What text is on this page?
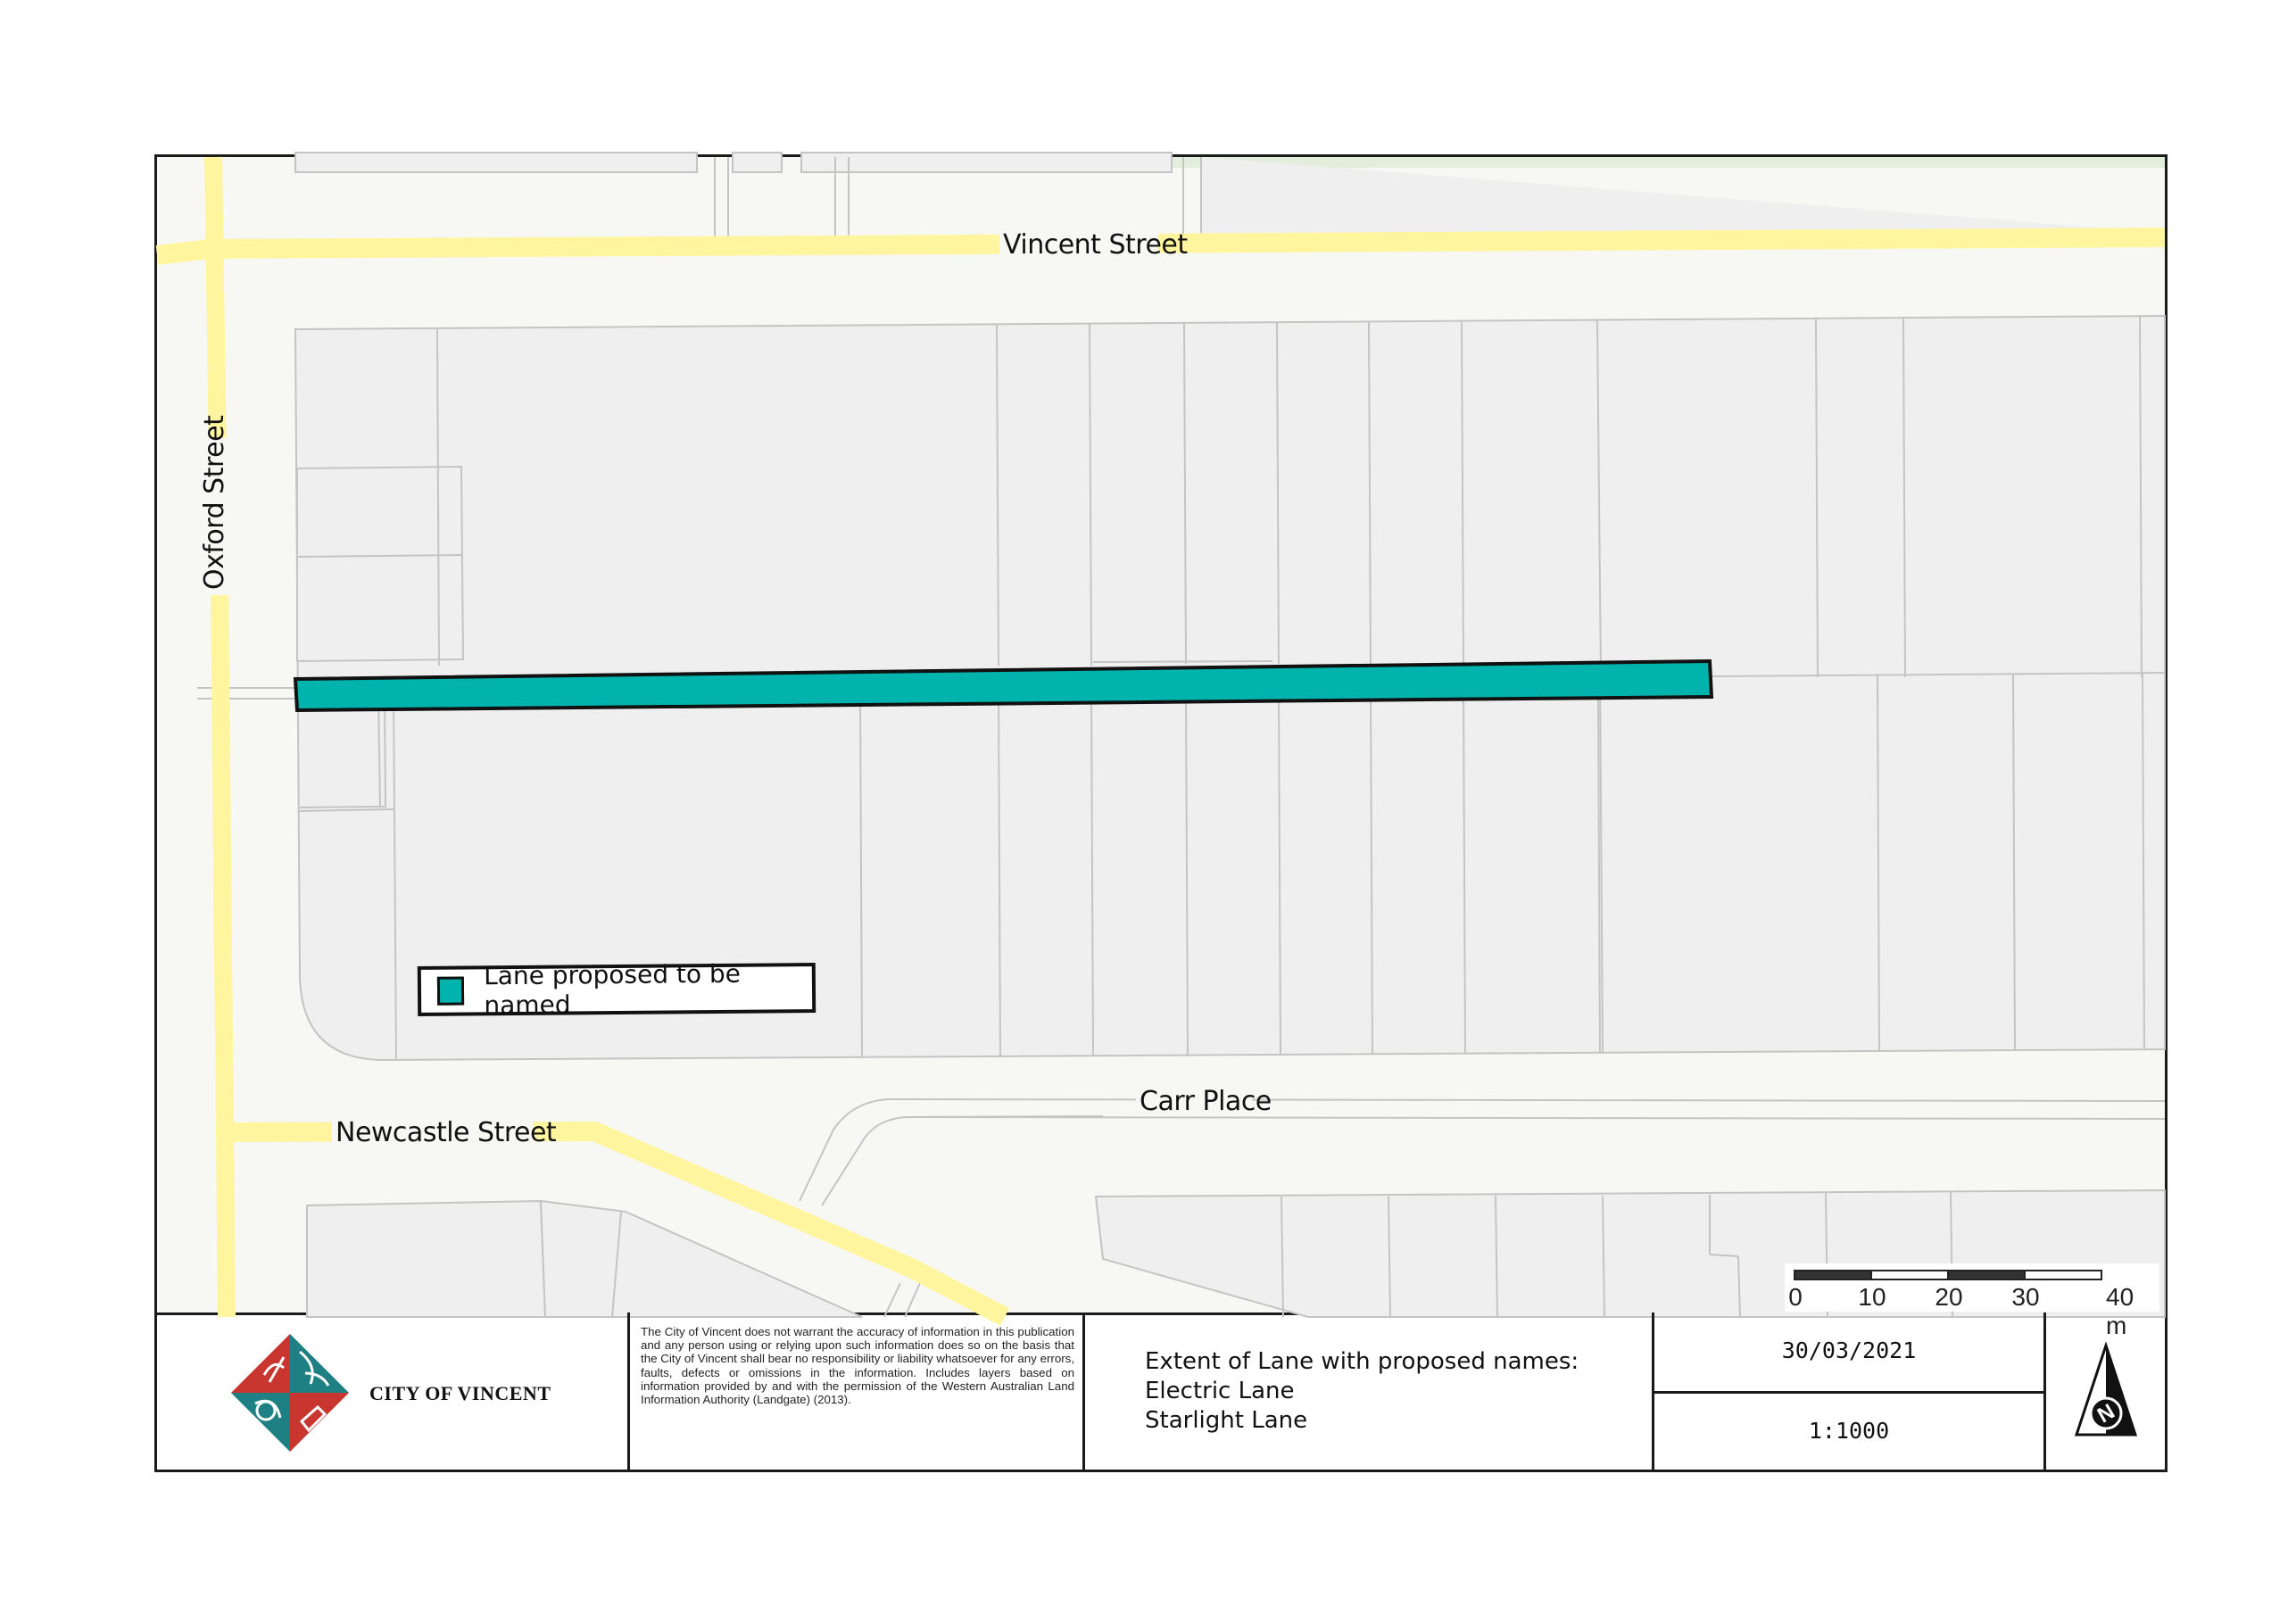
Vincent Street
Carr Place
Newcastle Street
Oxford Street
Lane proposed to be named
0 10 20 30	40 m
CITY OF VINCENT
The City of Vincent does not warrant the accuracy of information in this publication and any person using or relying upon such information does so on the basis that the City of Vincent shall bear no responsibility or liability whatsoever for any errors, faults, defects or omissions in the information. Includes layers based on information provided by and with the permission of the Western Australian Land Information Authority (Landgate) (2013).
Extent of Lane with proposed names:
Electric Lane
Starlight Lane
30/03/2021
1:1000
N
